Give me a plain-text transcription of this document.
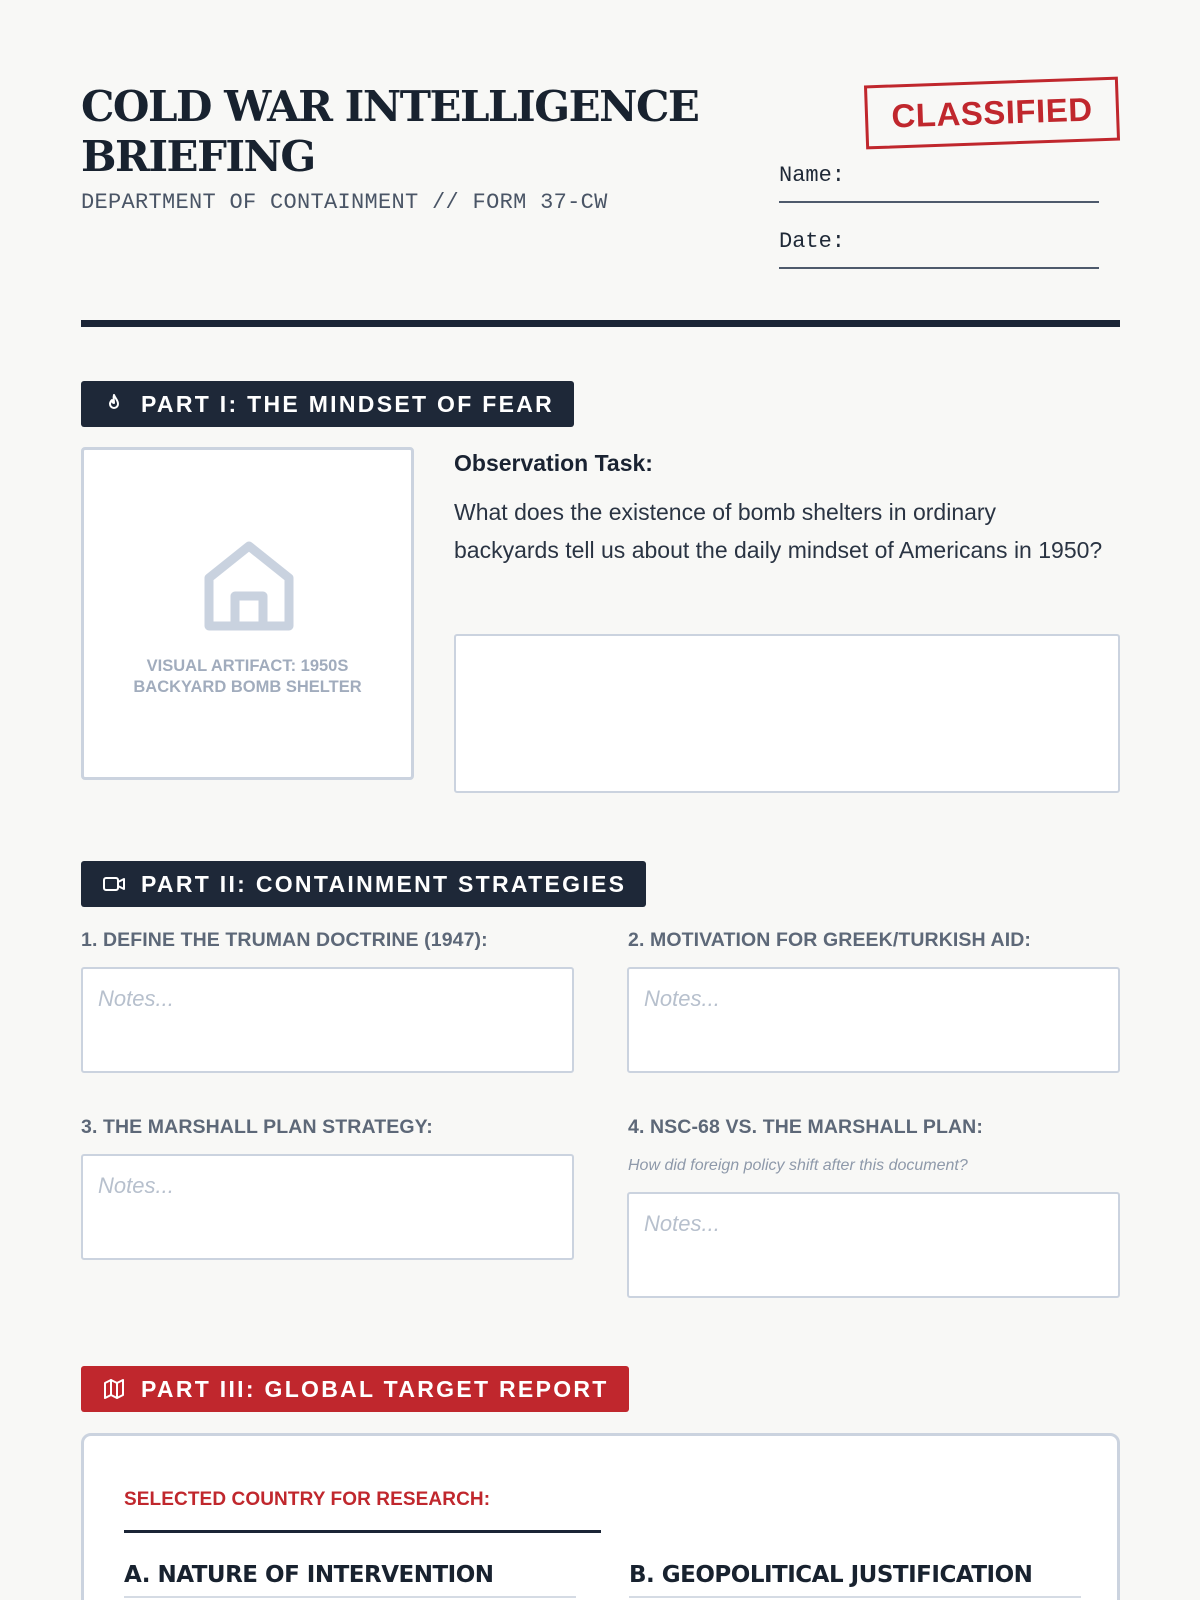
COLD WAR INTELLIGENCE BRIEFING
DEPARTMENT OF CONTAINMENT // FORM 37-CW
CLASSIFIED
Name:
Date:
PART I: THE MINDSET OF FEAR
VISUAL ARTIFACT: 1950S BACKYARD BOMB SHELTER
Observation Task:

What does the existence of bomb shelters in ordinary backyards tell us about the daily mindset of Americans in 1950?

PART II: CONTAINMENT STRATEGIES
1. DEFINE THE TRUMAN DOCTRINE (1947):
Notes...
2. MOTIVATION FOR GREEK/TURKISH AID:
Notes...
3. THE MARSHALL PLAN STRATEGY:
Notes...
4. NSC-68 VS. THE MARSHALL PLAN:
How did foreign policy shift after this document?
Notes...
PART III: GLOBAL TARGET REPORT
SELECTED COUNTRY FOR RESEARCH:
A. NATURE OF INTERVENTION	B. GEOPOLITICAL JUSTIFICATION
